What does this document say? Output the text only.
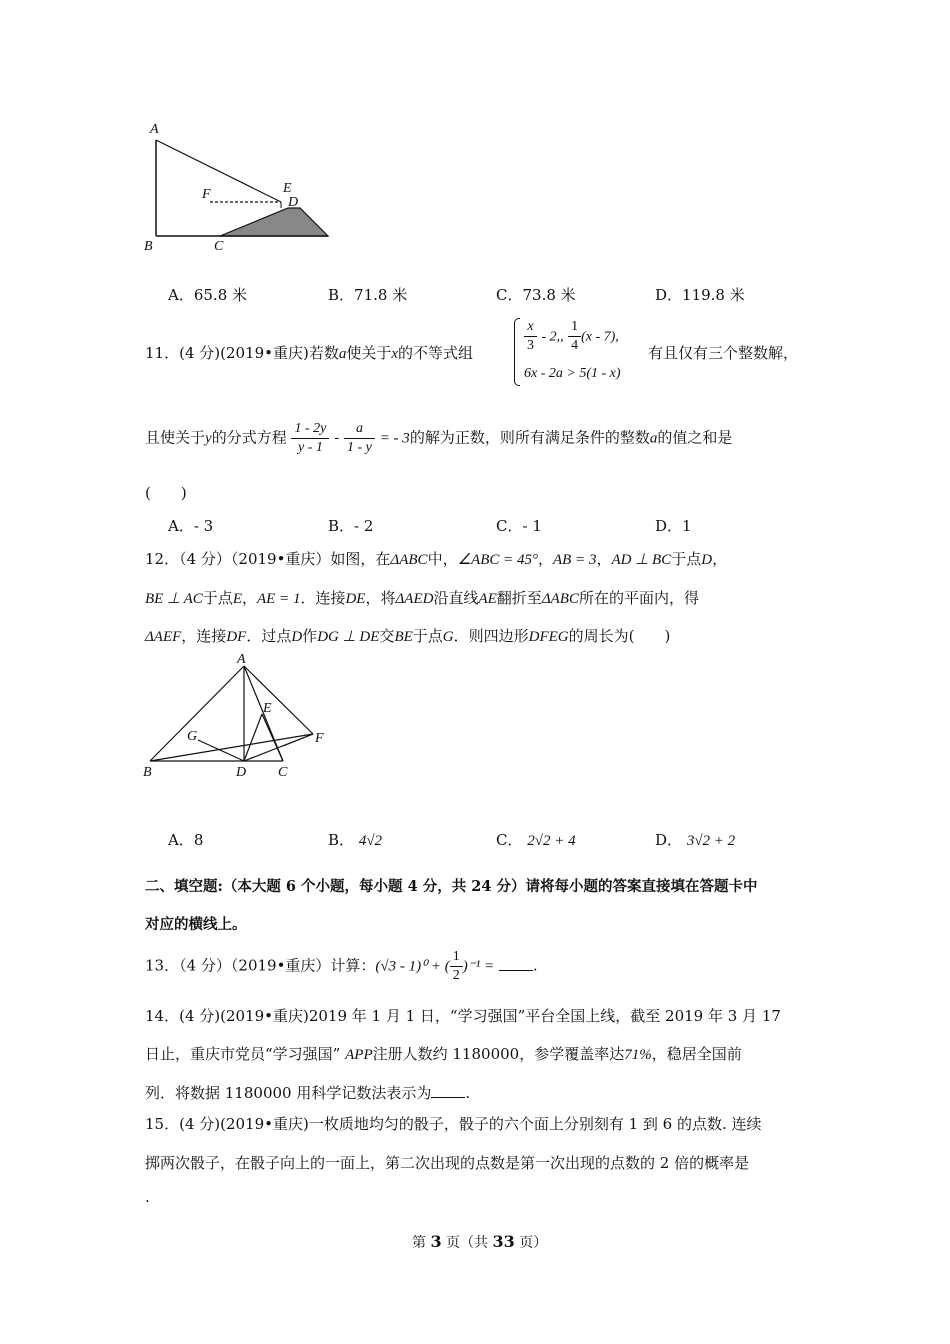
A
B	C
D
E
F
A．65.8 米	B．71.8 米	C．73.8 米	D．119.8 米
11．(4 分)(2019•重庆)若数a使关于x的不等式组	$\frac{x}{3} - 2$,, $\frac{1}{4} (x - 7)$,
6x - 2a > 5(1 - x)
有且仅有三个整数解，
且使关于y的分式方程 $\frac{1 - 2y}{y - 1} - \frac{a}{1 - y}$ = - 3的解为正数，则所有满足条件的整数a的值之和是
(　　)
A．- 3	B．- 2	C．- 1	D．1
12．（4 分）（2019•重庆）如图，在ΔABC中，∠ABC = 45°，AB = 3，AD ⊥ BC于点D，
BE ⊥ AC于点E，AE = 1．连接DE，将ΔAED沿直线AE翻折至ΔABC所在的平面内，得
ΔAEF，连接DF．过点D作DG ⊥ DE交BE于点G．则四边形DFEG的周长为(　　)
A
B	C
D
E
F
G
A．8	B． 4√2	C． 2√2 + 4	D． 3√2 + 2
二、填空题:（本大题 6 个小题，每小题 4 分，共 24 分）请将每小题的答案直接填在答题卡中
对应的横线上。
13．（4 分）（2019•重庆）计算：(√3 - 1)⁰ + ( $\frac{1}{2} )^{-1}$ =	.
14．(4 分)(2019•重庆)2019 年 1 月 1 日，“学习强国”平台全国上线，截至 2019 年 3 月 17
日止，重庆市党员“学习强国” APP注册人数约 1180000，参学覆盖率达71%，稳居全国前
列．将数据 1180000 用科学记数法表示为 .
15．(4 分)(2019•重庆)一枚质地均匀的骰子，骰子的六个面上分别刻有 1 到 6 的点数. 连续
掷两次骰子，在骰子向上的一面上，第二次出现的点数是第一次出现的点数的 2 倍的概率是
.
第 3 页（共 33 页）
